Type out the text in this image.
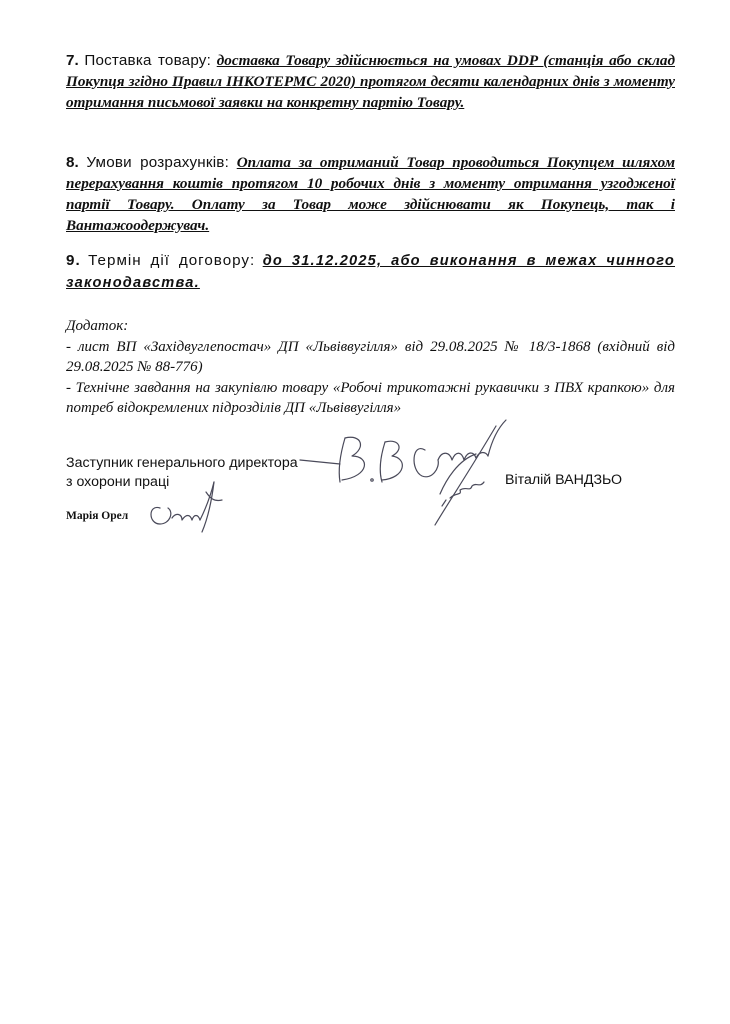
7. Поставка товару: доставка Товару здійснюється на умовах DDP (станція або склад Покупця згідно Правил ІНКОТЕРМС 2020) протягом десяти календарних днів з моменту отримання письмової заявки на конкретну партію Товару.
8. Умови розрахунків: Оплата за отриманий Товар проводиться Покупцем шляхом перерахування коштів протягом 10 робочих днів з моменту отримання узгодженої партії Товару. Оплату за Товар може здійснювати як Покупець, так і Вантажоодержувач.
9. Термін дії договору: до 31.12.2025, або виконання в межах чинного законодавства.

Додаток:

- лист ВП «Західвуглепостач» ДП «Львіввугілля» від 29.08.2025 № 18/3-1868 (вхідний від 29.08.2025 № 88-776)

- Технічне завдання на закупівлю товару «Робочі трикотажні рукавички з ПВХ крапкою» для потреб відокремлених підрозділів ДП «Львіввугілля»

Заступник генерального директора
з охорони праці	Віталій ВАНДЗЬО
Марія Орел
